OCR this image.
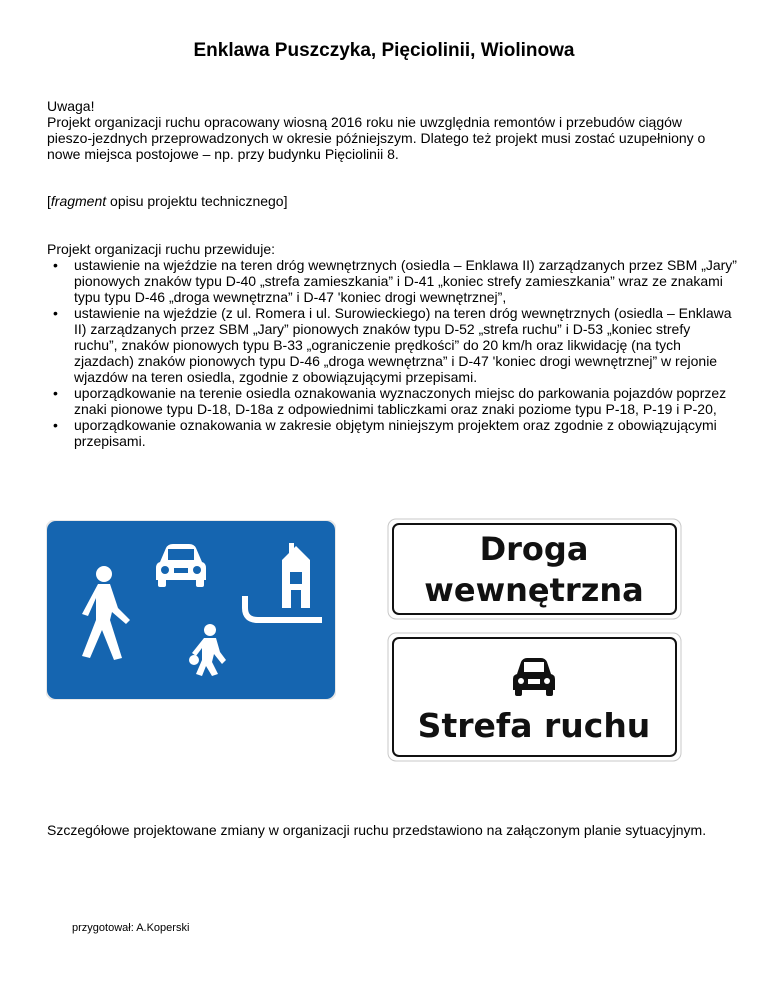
Enklawa Puszczyka, Pięciolinii, Wiolinowa
Uwaga!
Projekt organizacji ruchu opracowany wiosną 2016 roku nie uwzględnia remontów i przebudów ciągów pieszo-jezdnych przeprowadzonych w okresie późniejszym. Dlatego też projekt musi zostać uzupełniony o nowe miejsca postojowe – np. przy budynku Pięciolinii 8.
[fragment opisu projektu technicznego]
Projekt organizacji ruchu przewiduje:
• ustawienie na wjeździe na teren dróg wewnętrznych (osiedla – Enklawa II) zarządzanych przez SBM „Jary” pionowych znaków typu D-40 „strefa zamieszkania” i D-41 „koniec strefy zamieszkania” wraz ze znakami typu typu D-46 „droga wewnętrzna” i D-47 'koniec drogi wewnętrznej”,
• ustawienie na wjeździe (z ul. Romera i ul. Surowieckiego) na teren dróg wewnętrznych (osiedla – Enklawa II) zarządzanych przez SBM „Jary” pionowych znaków typu D-52 „strefa ruchu” i D-53 „koniec strefy ruchu”, znaków pionowych typu B-33 „ograniczenie prędkości” do 20 km/h oraz likwidację (na tych zjazdach) znaków pionowych typu D-46 „droga wewnętrzna” i D-47 'koniec drogi wewnętrznej” w rejonie wjazdów na teren osiedla, zgodnie z obowiązującymi przepisami.
• uporządkowanie na terenie osiedla oznakowania wyznaczonych miejsc do parkowania pojazdów poprzez znaki pionowe typu D-18, D-18a z odpowiednimi tabliczkami oraz znaki poziome typu P-18, P-19 i P-20,
• uporządkowanie oznakowania w zakresie objętym niniejszym projektem oraz zgodnie z obowiązującymi przepisami.
Droga
wewnętrzna
Strefa ruchu
Szczegółowe projektowane zmiany w organizacji ruchu przedstawiono na załączonym planie sytuacyjnym.
przygotował: A.Koperski
